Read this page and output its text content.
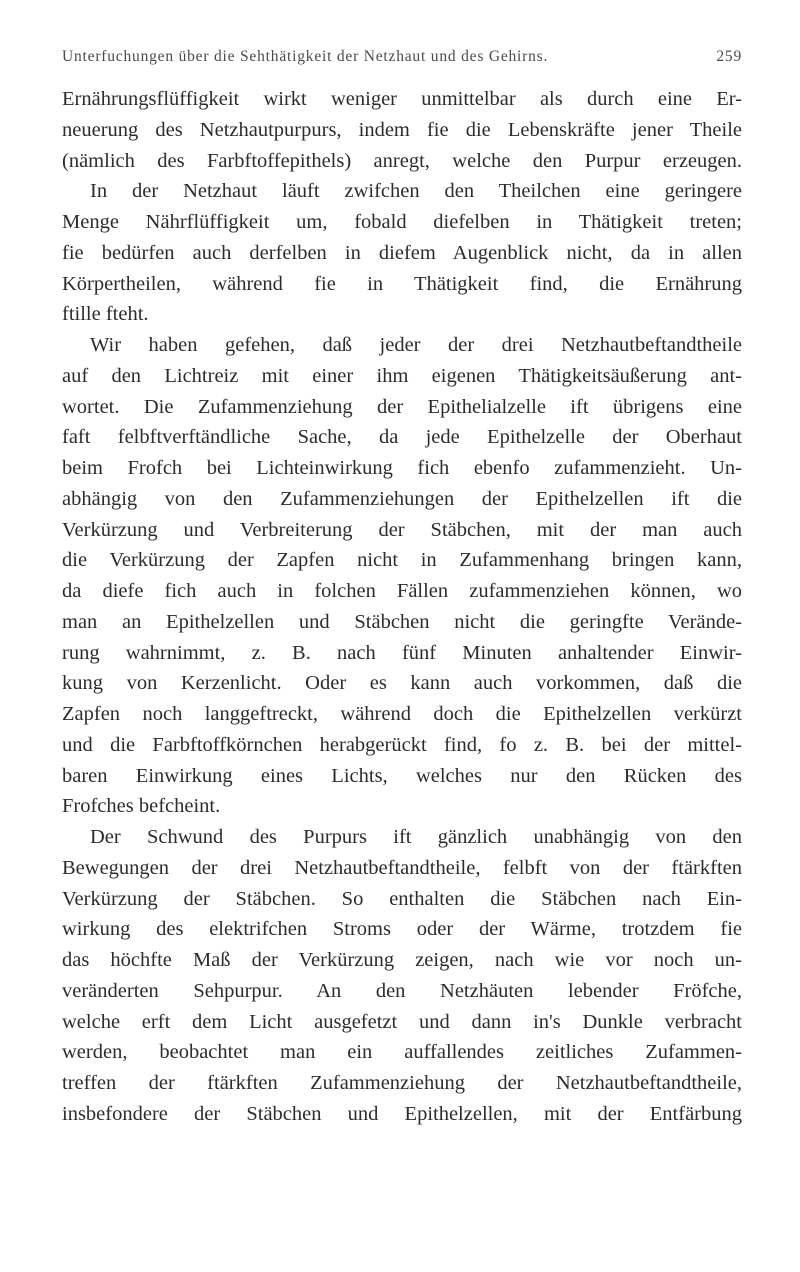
Unterfuchungen über die Sehthätigkeit der Netzhaut und des Gehirns.	259
Ernährungsflüffigkeit wirkt weniger unmittelbar als durch eine Er-
neuerung des Netzhautpurpurs, indem fie die Lebenskräfte jener Theile
(nämlich des Farbftoffepithels) anregt, welche den Purpur erzeugen.
In der Netzhaut läuft zwifchen den Theilchen eine geringere
Menge Nährflüffigkeit um, fobald diefelben in Thätigkeit treten;
fie bedürfen auch derfelben in diefem Augenblick nicht, da in allen
Körpertheilen, während fie in Thätigkeit find, die Ernährung
ftille fteht.
Wir haben gefehen, daß jeder der drei Netzhautbeftandtheile
auf den Lichtreiz mit einer ihm eigenen Thätigkeitsäußerung ant-
wortet. Die Zufammenziehung der Epithelialzelle ift übrigens eine
faft felbftverftändliche Sache, da jede Epithelzelle der Oberhaut
beim Frofch bei Lichteinwirkung fich ebenfo zufammenzieht. Un-
abhängig von den Zufammenziehungen der Epithelzellen ift die
Verkürzung und Verbreiterung der Stäbchen, mit der man auch
die Verkürzung der Zapfen nicht in Zufammenhang bringen kann,
da diefe fich auch in folchen Fällen zufammenziehen können, wo
man an Epithelzellen und Stäbchen nicht die geringfte Verände-
rung wahrnimmt, z. B. nach fünf Minuten anhaltender Einwir-
kung von Kerzenlicht. Oder es kann auch vorkommen, daß die
Zapfen noch langgeftreckt, während doch die Epithelzellen verkürzt
und die Farbftoffkörnchen herabgerückt find, fo z. B. bei der mittel-
baren Einwirkung eines Lichts, welches nur den Rücken des
Frofches befcheint.
Der Schwund des Purpurs ift gänzlich unabhängig von den
Bewegungen der drei Netzhautbeftandtheile, felbft von der ftärkften
Verkürzung der Stäbchen. So enthalten die Stäbchen nach Ein-
wirkung des elektrifchen Stroms oder der Wärme, trotzdem fie
das höchfte Maß der Verkürzung zeigen, nach wie vor noch un-
veränderten Sehpurpur. An den Netzhäuten lebender Fröfche,
welche erft dem Licht ausgefetzt und dann in's Dunkle verbracht
werden, beobachtet man ein auffallendes zeitliches Zufammen-
treffen der ftärkften Zufammenziehung der Netzhautbeftandtheile,
insbefondere der Stäbchen und Epithelzellen, mit der Entfärbung
